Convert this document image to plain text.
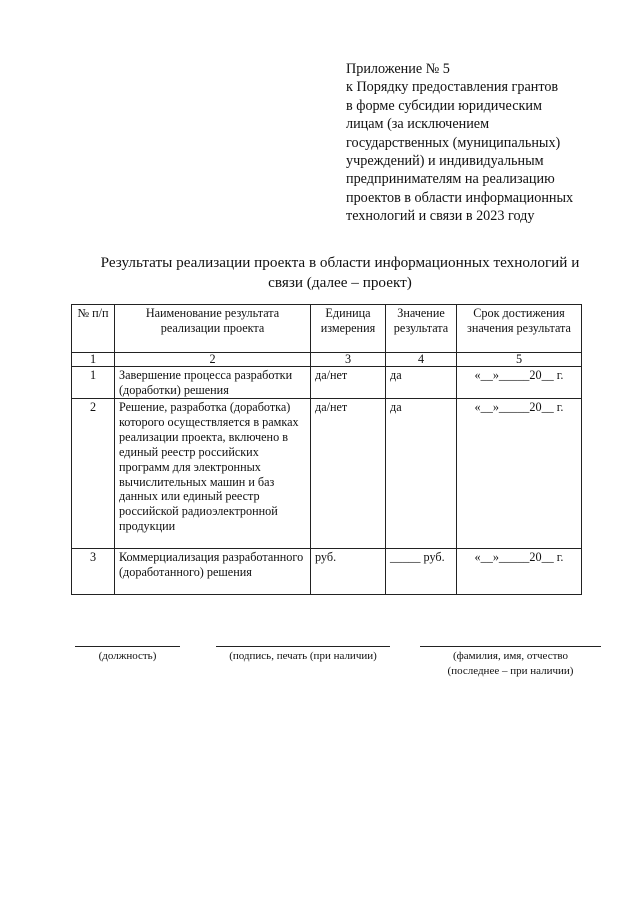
Приложение № 5
к Порядку предоставления грантов
в форме субсидии юридическим
лицам (за исключением
государственных (муниципальных)
учреждений) и индивидуальным
предпринимателям на реализацию
проектов в области информационных
технологий и связи в 2023 году
Результаты реализации проекта в области информационных технологий и
связи (далее – проект)
№ п/п	Наименование результата реализации проекта	Единица измерения	Значение результата	Срок достижения значения результата
1	2	3	4	5
1	Завершение процесса разработки (доработки) решения	да/нет	да	«__»_____20__ г.
2	Решение, разработка (доработка) которого осуществляется в рамках реализации проекта, включено в единый реестр российских программ для электронных вычислительных машин и баз данных или единый реестр российской радиоэлектронной продукции	да/нет	да	«__»_____20__ г.
3	Коммерциализация разработанного (доработанного) решения	руб.	_____ руб.	«__»_____20__ г.
(должность)	(подпись, печать (при наличии)	(фамилия, имя, отчество
(последнее – при наличии)
